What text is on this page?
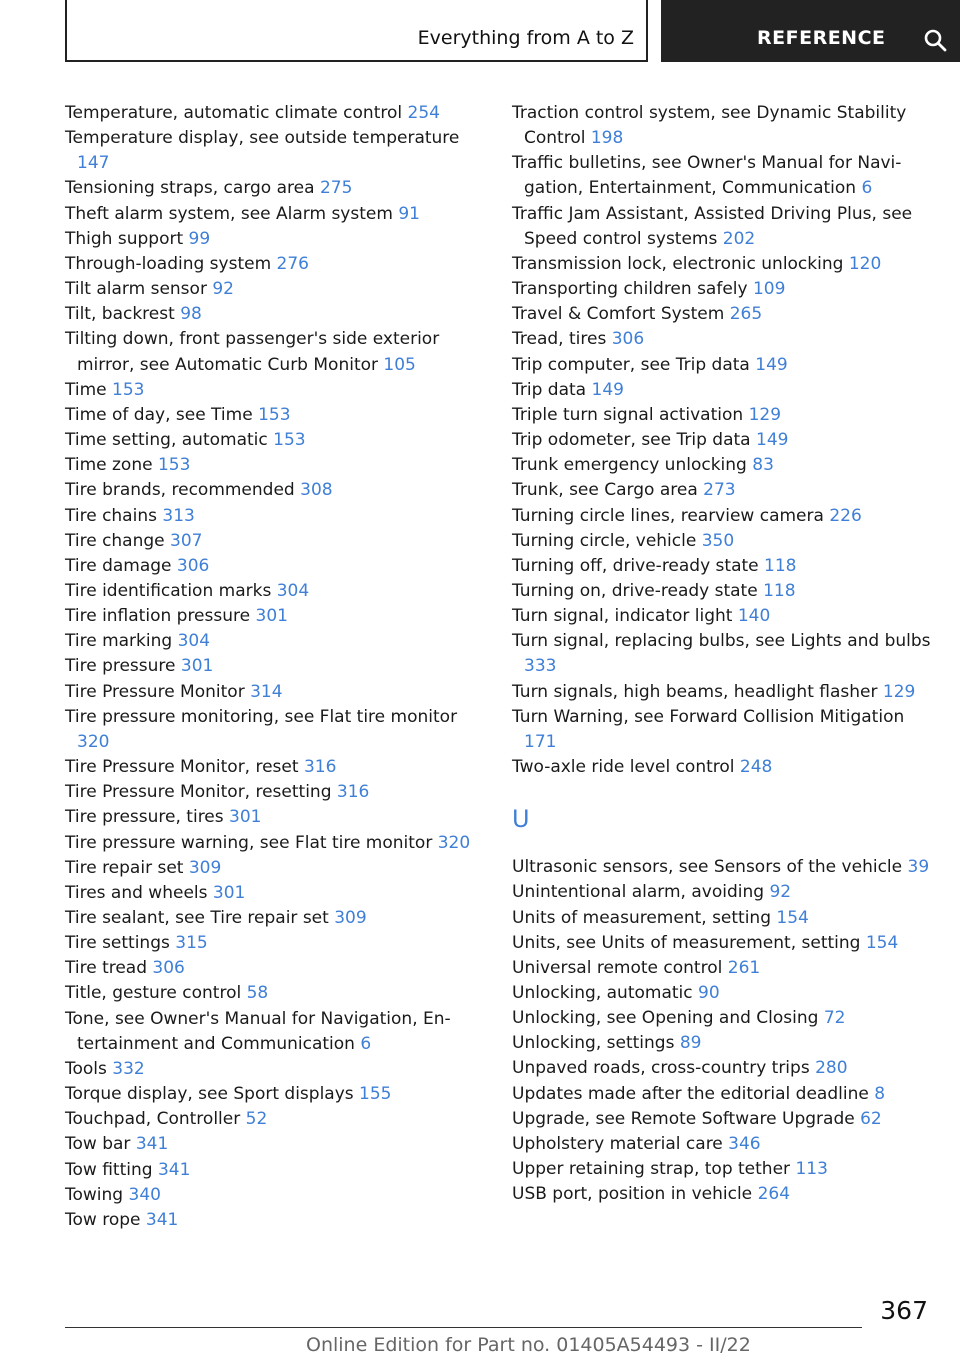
Everything from A to Z	REFERENCE
Temperature, automatic climate control 254
Temperature display, see outside temperature 147
Tensioning straps, cargo area 275
Theft alarm system, see Alarm system 91
Thigh support 99
Through-loading system 276
Tilt alarm sensor 92
Tilt, backrest 98
Tilting down, front passenger's side exterior mirror, see Automatic Curb Monitor 105
Time 153
Time of day, see Time 153
Time setting, automatic 153
Time zone 153
Tire brands, recommended 308
Tire chains 313
Tire change 307
Tire damage 306
Tire identification marks 304
Tire inflation pressure 301
Tire marking 304
Tire pressure 301
Tire Pressure Monitor 314
Tire pressure monitoring, see Flat tire monitor 320
Tire Pressure Monitor, reset 316
Tire Pressure Monitor, resetting 316
Tire pressure, tires 301
Tire pressure warning, see Flat tire monitor 320
Tire repair set 309
Tires and wheels 301
Tire sealant, see Tire repair set 309
Tire settings 315
Tire tread 306
Title, gesture control 58
Tone, see Owner's Manual for Navigation, Entertainment and Communication 6
Tools 332
Torque display, see Sport displays 155
Touchpad, Controller 52
Tow bar 341
Tow fitting 341
Towing 340
Tow rope 341
Traction control system, see Dynamic Stability Control 198
Traffic bulletins, see Owner's Manual for Navigation, Entertainment, Communication 6
Traffic Jam Assistant, Assisted Driving Plus, see Speed control systems 202
Transmission lock, electronic unlocking 120
Transporting children safely 109
Travel & Comfort System 265
Tread, tires 306
Trip computer, see Trip data 149
Trip data 149
Triple turn signal activation 129
Trip odometer, see Trip data 149
Trunk emergency unlocking 83
Trunk, see Cargo area 273
Turning circle lines, rearview camera 226
Turning circle, vehicle 350
Turning off, drive-ready state 118
Turning on, drive-ready state 118
Turn signal, indicator light 140
Turn signal, replacing bulbs, see Lights and bulbs 333
Turn signals, high beams, headlight flasher 129
Turn Warning, see Forward Collision Mitigation 171
Two-axle ride level control 248
U
Ultrasonic sensors, see Sensors of the vehicle 39
Unintentional alarm, avoiding 92
Units of measurement, setting 154
Units, see Units of measurement, setting 154
Universal remote control 261
Unlocking, automatic 90
Unlocking, see Opening and Closing 72
Unlocking, settings 89
Unpaved roads, cross-country trips 280
Updates made after the editorial deadline 8
Upgrade, see Remote Software Upgrade 62
Upholstery material care 346
Upper retaining strap, top tether 113
USB port, position in vehicle 264
367
Online Edition for Part no. 01405A54493 - II/22
